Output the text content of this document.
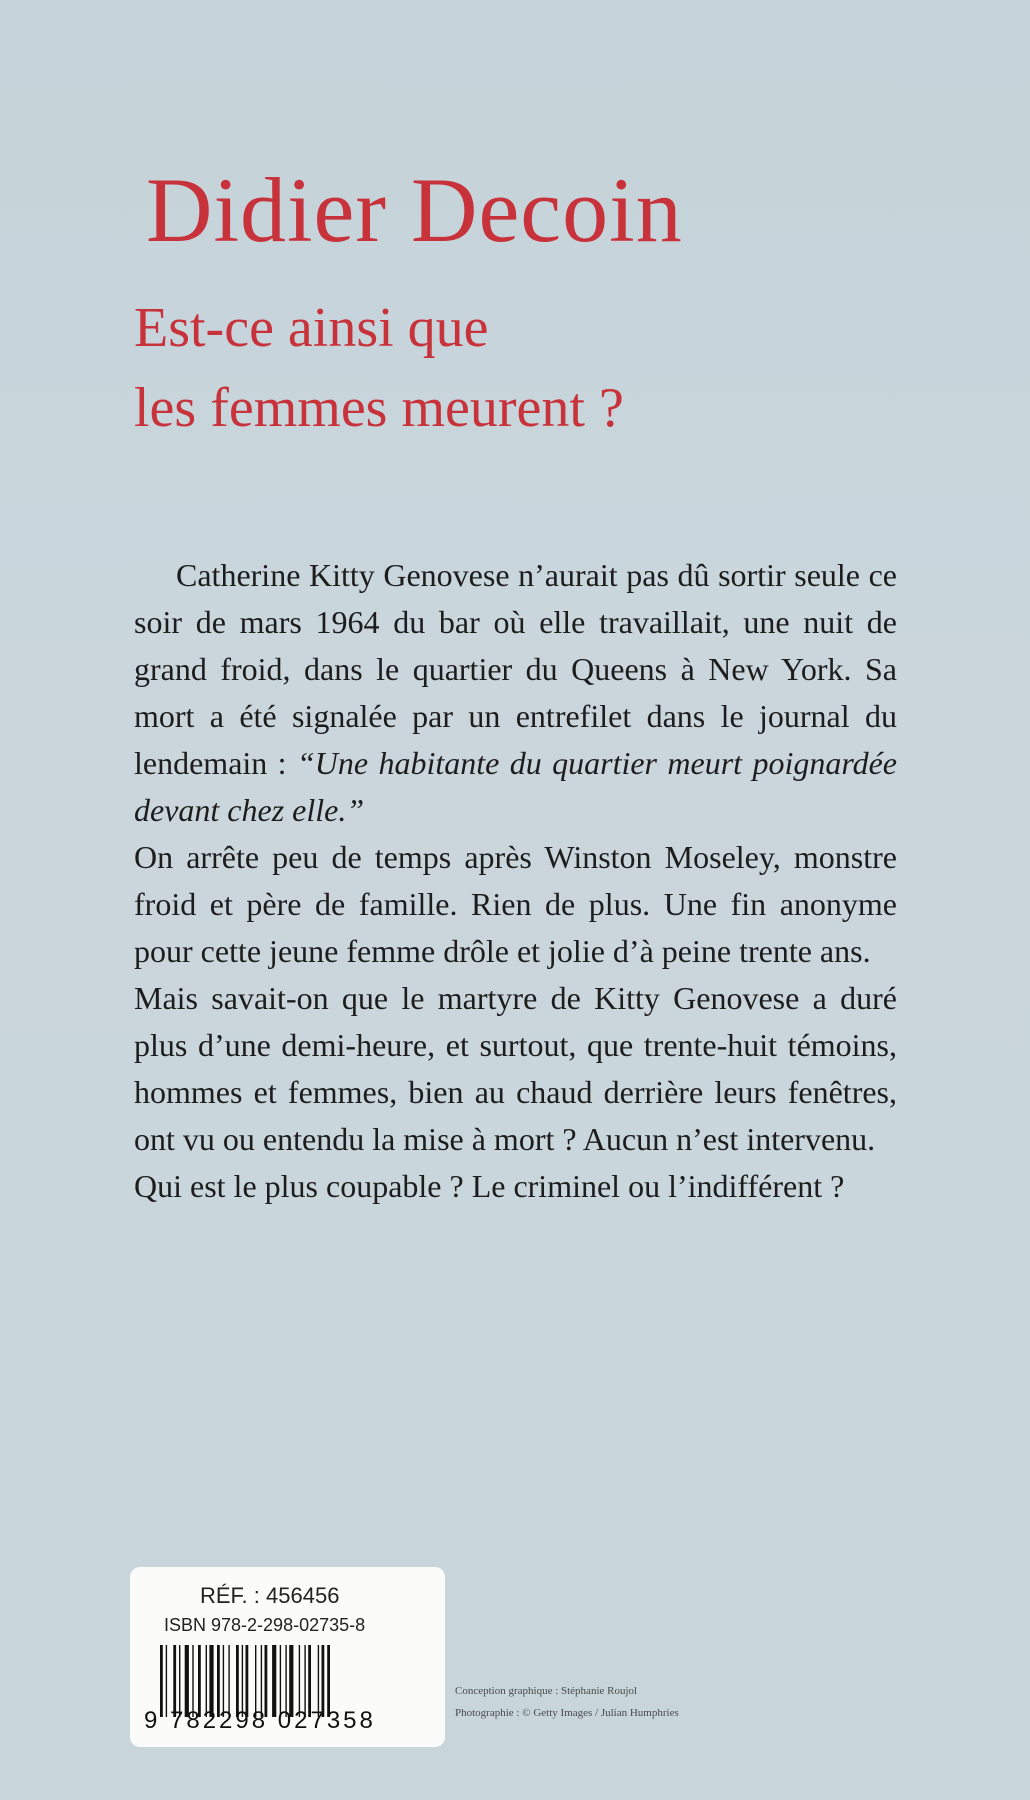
Didier Decoin
Est-ce ainsi que
les femmes meurent ?

Catherine Kitty Genovese n’aurait pas dû sortir seule ce soir de mars 1964 du bar où elle travaillait, une nuit de grand froid, dans le quartier du Queens à New York. Sa mort a été signalée par un entrefilet dans le journal du lendemain : “Une habitante du quartier meurt poignardée devant chez elle.”

On arrête peu de temps après Winston Moseley, monstre froid et père de famille. Rien de plus. Une fin anonyme pour cette jeune femme drôle et jolie d’à peine trente ans.

Mais savait-on que le martyre de Kitty Genovese a duré plus d’une demi-heure, et surtout, que trente-huit témoins, hommes et femmes, bien au chaud derrière leurs fenêtres, ont vu ou entendu la mise à mort ? Aucun n’est intervenu.

Qui est le plus coupable ? Le criminel ou l’indifférent ?

RÉF. : 456456
ISBN 978-2-298-02735-8
9 782298 027358
Conception graphique : Stéphanie Roujol
Photographie : © Getty Images / Julian Humphries
